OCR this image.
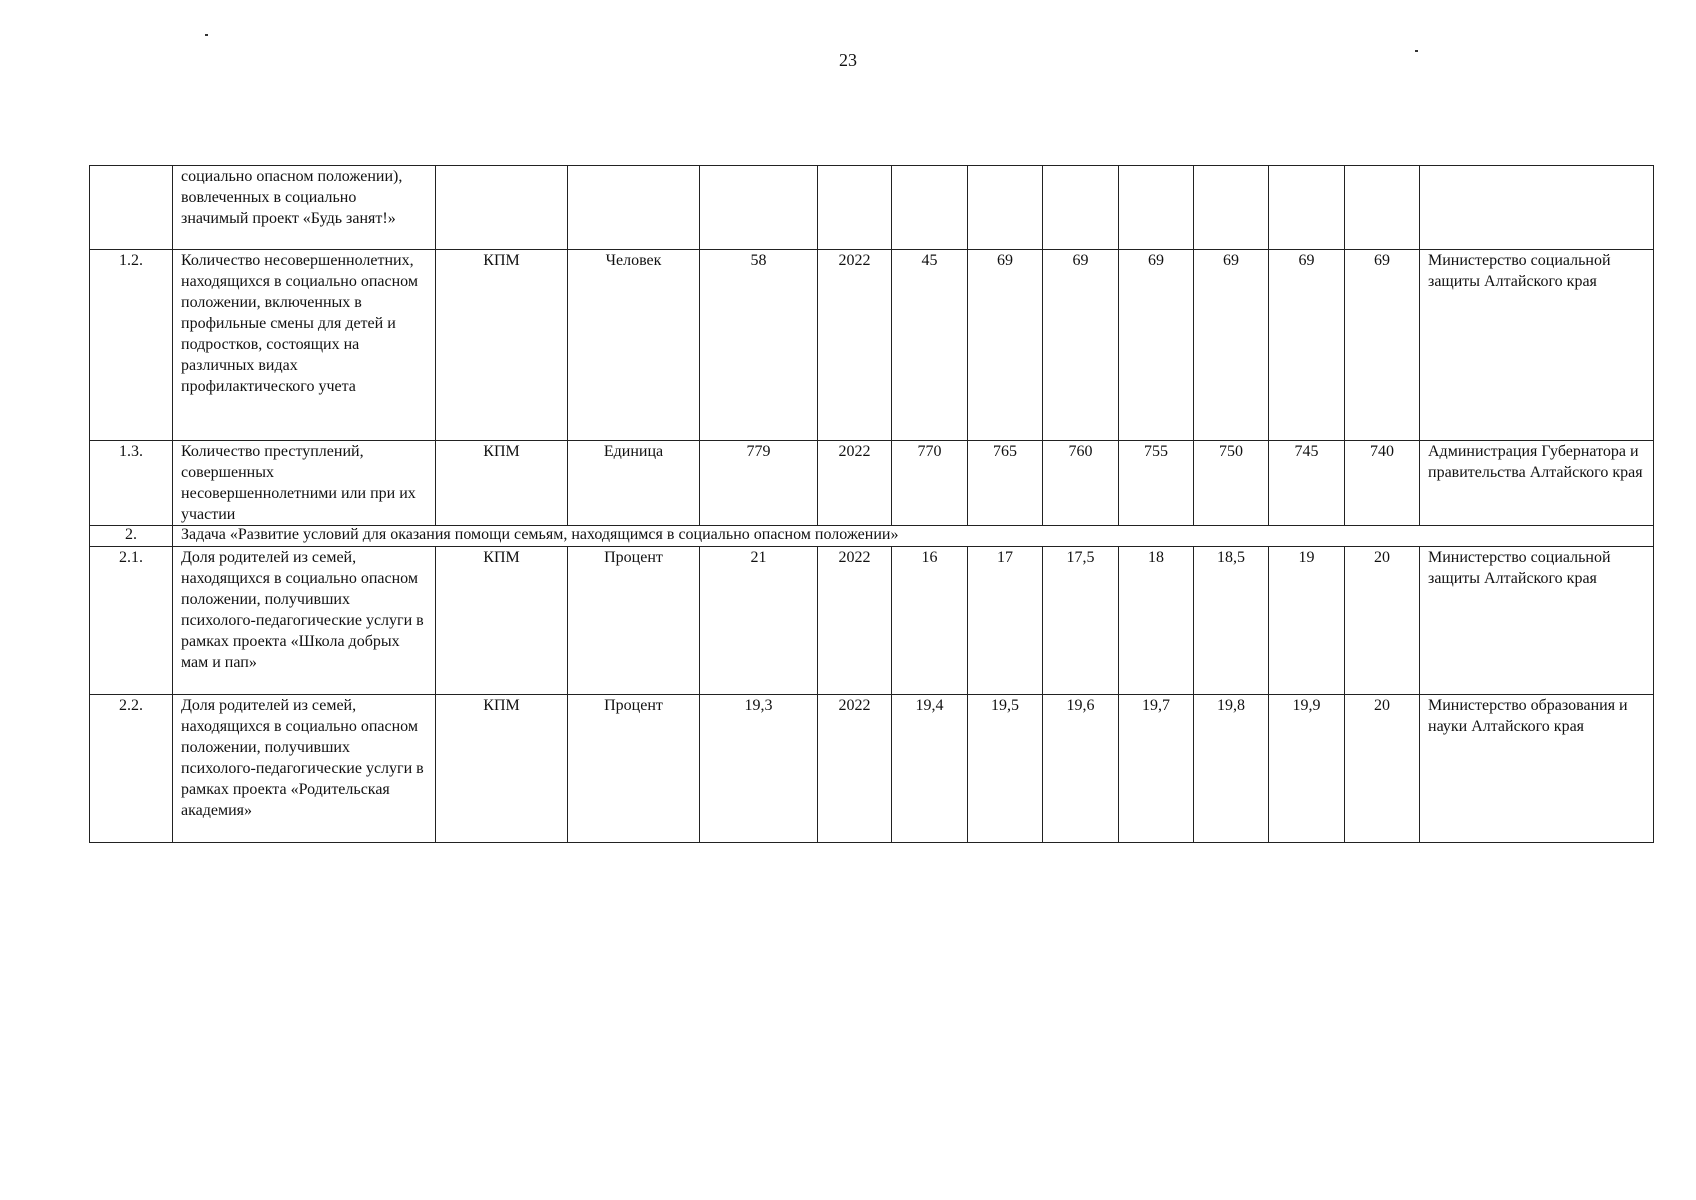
23
	социально опасном положении), вовлеченных в социально значимый проект «Будь занят!»												
1.2.	Количество несовершеннолетних, находящихся в социально опасном положении, включенных в профильные смены для детей и подростков, состоящих на различных видах профилактического учета	КПМ	Человек	58	2022	45	69	69	69	69	69	69	Министерство социальной защиты Алтайского края
1.3.	Количество преступлений, совершенных несовершеннолетними или при их участии	КПМ	Единица	779	2022	770	765	760	755	750	745	740	Администрация Губернатора и правительства Алтайского края
2.	Задача «Развитие условий для оказания помощи семьям, находящимся в социально опасном положении»												
2.1.	Доля родителей из семей, находящихся в социально опасном положении, получивших психолого-педагогические услуги в рамках проекта «Школа добрых мам и пап»	КПМ	Процент	21	2022	16	17	17,5	18	18,5	19	20	Министерство социальной защиты Алтайского края
2.2.	Доля родителей из семей, находящихся в социально опасном положении, получивших психолого-педагогические услуги в рамках проекта «Родительская академия»	КПМ	Процент	19,3	2022	19,4	19,5	19,6	19,7	19,8	19,9	20	Министерство образования и науки Алтайского края
